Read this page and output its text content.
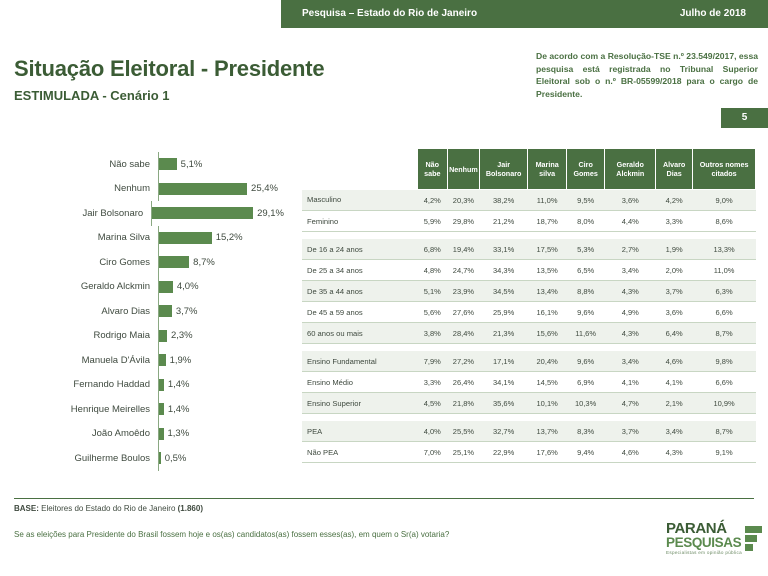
Pesquisa – Estado do Rio de Janeiro	Julho de 2018
Situação Eleitoral - Presidente
ESTIMULADA - Cenário 1
De acordo com a Resolução-TSE n.º 23.549/2017, essa pesquisa está registrada no Tribunal Superior Eleitoral sob o n.º BR-05599/2018 para o cargo de Presidente.
5
Não sabe	5,1%
Nenhum	25,4%
Jair Bolsonaro	29,1%
Marina Silva	15,2%
Ciro Gomes	8,7%
Geraldo Alckmin	4,0%
Alvaro Dias	3,7%
Rodrigo Maia	2,3%
Manuela D'Ávila	1,9%
Fernando Haddad	1,4%
Henrique Meirelles	1,4%
João Amoêdo	1,3%
Guilherme Boulos	0,5%
	Não sabe	Nenhum	Jair Bolsonaro	Marina silva	Ciro Gomes	Geraldo Alckmin	Alvaro Dias	Outros nomes citados
Masculino	4,2%	20,3%	38,2%	11,0%	9,5%	3,6%	4,2%	9,0%
Feminino	5,9%	29,8%	21,2%	18,7%	8,0%	4,4%	3,3%	8,6%

De 16 a 24 anos	6,8%	19,4%	33,1%	17,5%	5,3%	2,7%	1,9%	13,3%
De 25 a 34 anos	4,8%	24,7%	34,3%	13,5%	6,5%	3,4%	2,0%	11,0%
De 35 a 44 anos	5,1%	23,9%	34,5%	13,4%	8,8%	4,3%	3,7%	6,3%
De 45 a 59 anos	5,6%	27,6%	25,9%	16,1%	9,6%	4,9%	3,6%	6,6%
60 anos ou mais	3,8%	28,4%	21,3%	15,6%	11,6%	4,3%	6,4%	8,7%

Ensino Fundamental	7,9%	27,2%	17,1%	20,4%	9,6%	3,4%	4,6%	9,8%
Ensino Médio	3,3%	26,4%	34,1%	14,5%	6,9%	4,1%	4,1%	6,6%
Ensino Superior	4,5%	21,8%	35,6%	10,1%	10,3%	4,7%	2,1%	10,9%

PEA	4,0%	25,5%	32,7%	13,7%	8,3%	3,7%	3,4%	8,7%
Não PEA	7,0%	25,1%	22,9%	17,6%	9,4%	4,6%	4,3%	9,1%
BASE: Eleitores do Estado do Rio de Janeiro (1.860)
Se as eleições para Presidente do Brasil fossem hoje e os(as) candidatos(as) fossem esses(as), em quem o Sr(a) votaria?	PARANÁ
PESQUISAS
Especialistas em opinião pública
